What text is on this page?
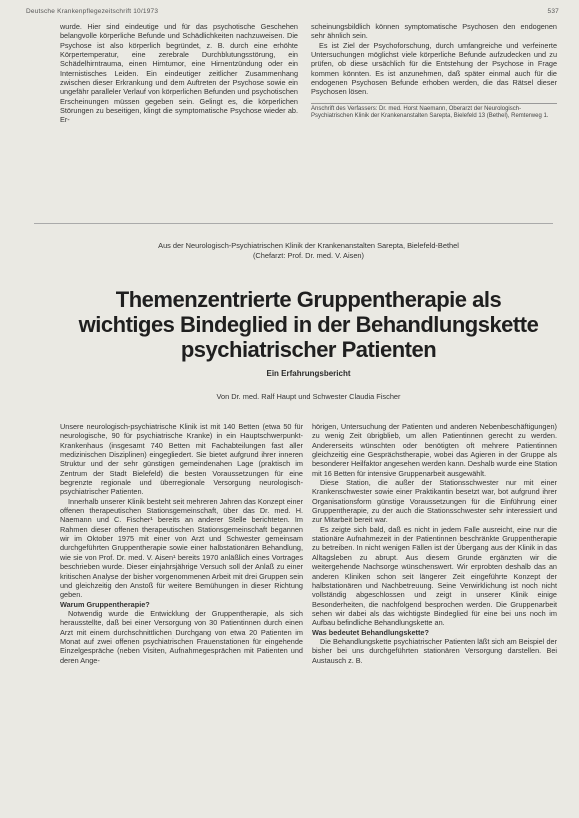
Deutsche Krankenpflegezeitschrift 10/1973	537

wurde. Hier sind eindeutige und für das psychotische Geschehen belangvolle körperliche Befunde und Schädlichkeiten nachzuweisen. Die Psychose ist also körperlich begründet, z. B. durch eine erhöhte Körpertemperatur, eine zerebrale Durchblutungsstörung, ein Schädelhirntrauma, einen Hirntumor, eine Hirnentzündung oder ein Internistisches Leiden. Ein eindeutiger zeitlicher Zusammenhang zwischen dieser Erkrankung und dem Auftreten der Psychose sowie ein ungefähr paralleler Verlauf von körperlichen Befunden und psychotischen Erscheinungen müssen gegeben sein. Gelingt es, die körperlichen Störungen zu beseitigen, klingt die symptomatische Psychose wieder ab. Er-

scheinungsbildlich können symptomatische Psychosen den endogenen sehr ähnlich sein.

Es ist Ziel der Psychoforschung, durch umfangreiche und verfeinerte Untersuchungen möglichst viele körperliche Befunde aufzudecken und zu prüfen, ob diese ursächlich für die Entstehung der Psychose in Frage kommen könnten. Es ist anzunehmen, daß später einmal auch für die endogenen Psychosen Befunde erhoben werden, die das Rätsel dieser Psychosen lösen.

Anschrift des Verfassers: Dr. med. Horst Naemann, Oberarzt der Neurologisch-Psychiatrischen Klinik der Krankenanstalten Sarepta, Bielefeld 13 (Bethel), Remterweg 1.
Aus der Neurologisch-Psychiatrischen Klinik der Krankenanstalten Sarepta, Bielefeld-Bethel
(Chefarzt: Prof. Dr. med. V. Aisen)
Themenzentrierte Gruppentherapie als
wichtiges Bindeglied in der Behandlungskette
psychiatrischer Patienten
Ein Erfahrungsbericht
Von Dr. med. Ralf Haupt und Schwester Claudia Fischer

Unsere neurologisch-psychiatrische Klinik ist mit 140 Betten (etwa 50 für neurologische, 90 für psychiatrische Kranke) in ein Hauptschwerpunkt-Krankenhaus (insgesamt 740 Betten mit Fachabteilungen fast aller medizinischen Disziplinen) eingegliedert. Sie bietet aufgrund ihrer inneren Struktur und der sehr günstigen gemeindenahen Lage (praktisch im Zentrum der Stadt Bielefeld) die besten Voraussetzungen für eine begrenzte regionale und überregionale Versorgung neurologisch-psychiatrischer Patienten.

Innerhalb unserer Klinik besteht seit mehreren Jahren das Konzept einer offenen therapeutischen Stationsgemeinschaft, über das Dr. med. H. Naemann und C. Fischer¹ bereits an anderer Stelle berichteten. Im Rahmen dieser offenen therapeutischen Stationsgemeinschaft begannen wir im Oktober 1975 mit einer von Arzt und Schwester gemeinsam durchgeführten Gruppentherapie sowie einer halbstationären Behandlung, wie sie von Prof. Dr. med. V. Aisen¹ bereits 1970 anläßlich eines Vortrages beschrieben wurde. Dieser einjahrsjährige Versuch soll der Anlaß zu einer kritischen Analyse der bisher vorgenommenen Arbeit mit drei Gruppen sein und gleichzeitig den Anstoß für weitere Bemühungen in dieser Richtung geben.

Warum Gruppentherapie?

Notwendig wurde die Entwicklung der Gruppentherapie, als sich herausstellte, daß bei einer Versorgung von 30 Patientinnen durch einen Arzt mit einem durchschnittlichen Durchgang von etwa 20 Patienten im Monat auf zwei offenen psychiatrischen Frauenstationen für eingehende Einzelgespräche (neben Visiten, Aufnahmegesprächen mit Patienten und deren Ange-

hörigen, Untersuchung der Patienten und anderen Nebenbeschäftigungen) zu wenig Zeit übrigblieb, um allen Patientinnen gerecht zu werden. Andererseits wünschten oder benötigten oft mehrere Patientinnen gleichzeitig eine Gesprächstherapie, wobei das Agieren in der Gruppe als besonderer Heilfaktor angesehen werden kann. Deshalb wurde eine Station mit 16 Betten für intensive Gruppenarbeit ausgewählt.

Diese Station, die außer der Stationsschwester nur mit einer Krankenschwester sowie einer Praktikantin besetzt war, bot aufgrund ihrer Organisationsform günstige Voraussetzungen für die Einführung einer Gruppentherapie, zu der auch die Stationsschwester sehr interessiert und zur Mitarbeit bereit war.

Es zeigte sich bald, daß es nicht in jedem Falle ausreicht, eine nur die stationäre Aufnahmezeit in der Patientinnen beschränkte Gruppentherapie zu betreiben. In nicht wenigen Fällen ist der Übergang aus der Klinik in das Alltagsleben zu abrupt. Aus diesem Grunde ergänzten wir die weitergehende Nachsorge wünschenswert. Wir erprobten deshalb das an anderen Kliniken schon seit längerer Zeit eingeführte Konzept der halbstationären und Nachbetreuung. Seine Verwirklichung ist noch nicht vollständig abgeschlossen und zeigt in unserer Klinik einige Besonderheiten, die nachfolgend besprochen werden. Die Gruppenarbeit sehen wir dabei als das wichtigste Bindeglied für eine bei uns noch im Aufbau befindliche Behandlungskette an.

Was bedeutet Behandlungskette?

Die Behandlungskette psychiatrischer Patienten läßt sich am Beispiel der bisher bei uns durchgeführten stationären Versorgung darstellen. Bei Austausch z. B.
